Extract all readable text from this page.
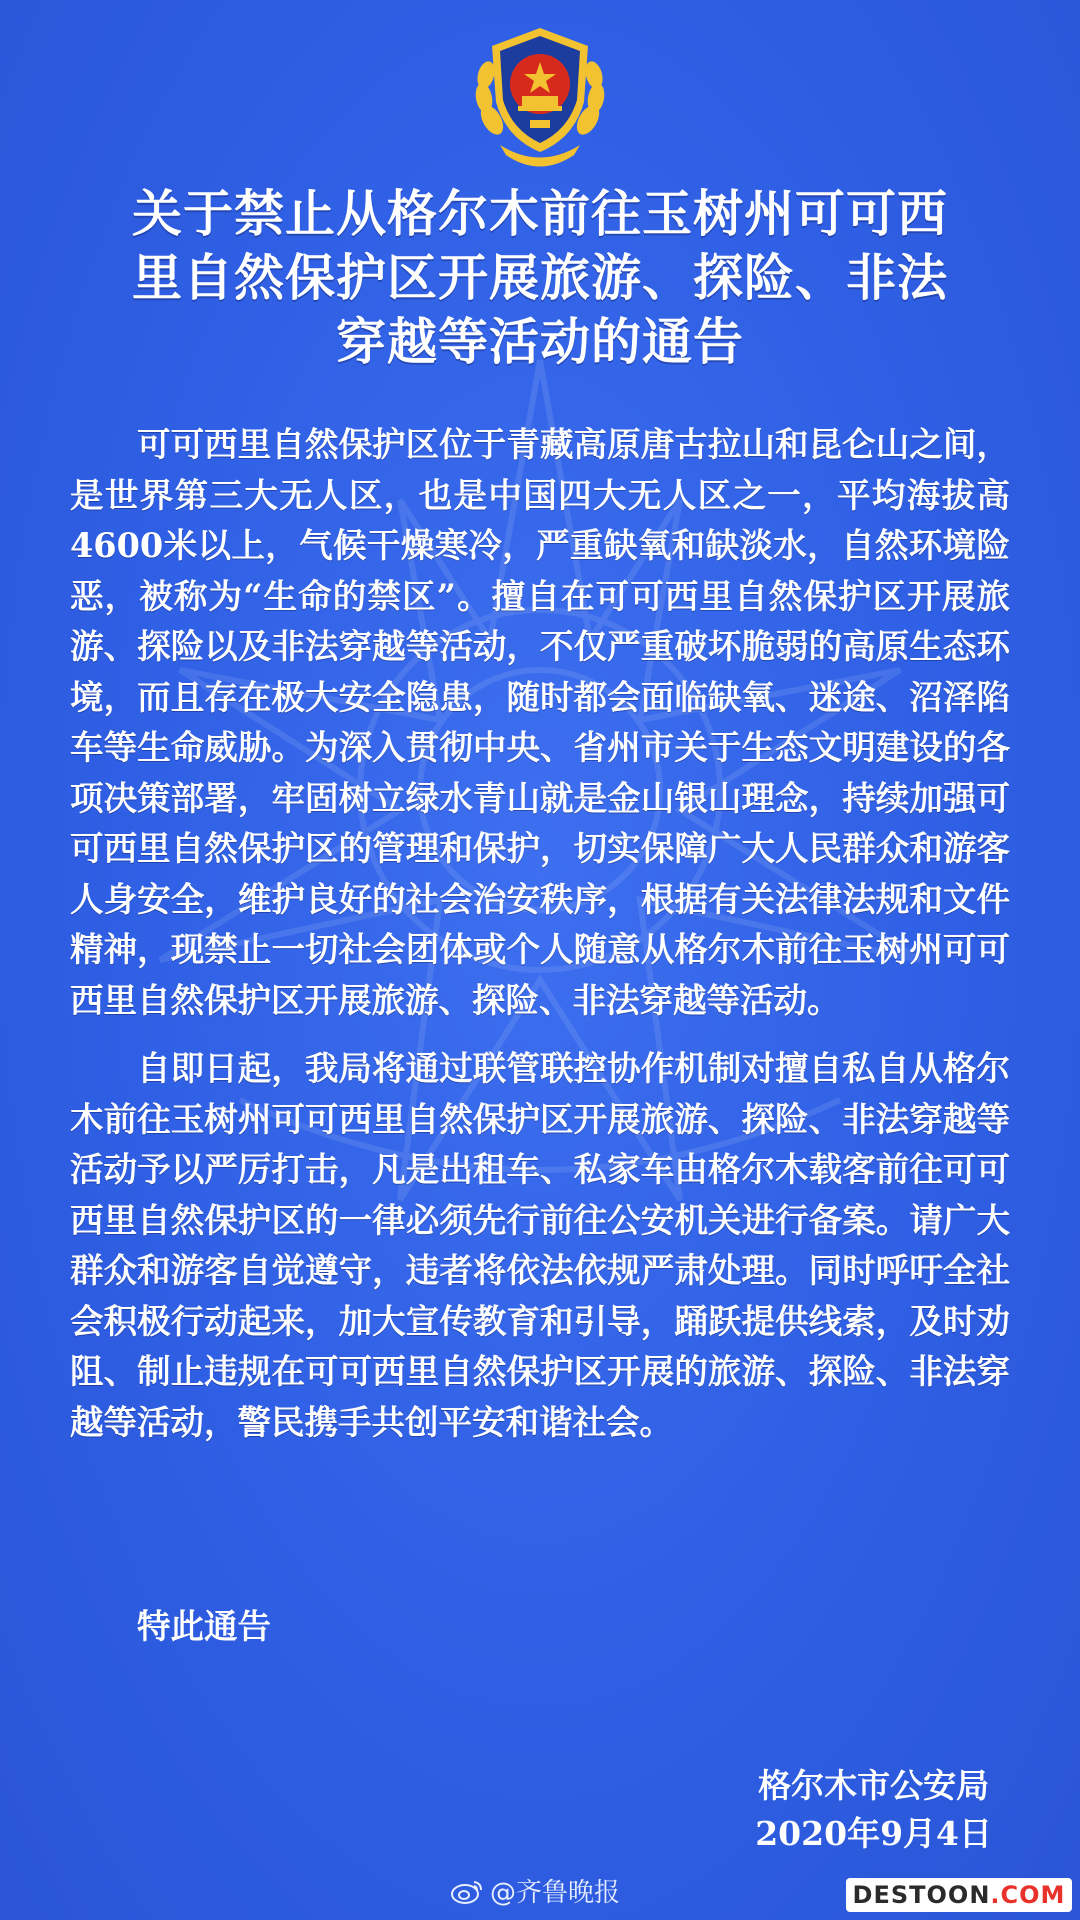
关于禁止从格尔木前往玉树州可可西
里自然保护区开展旅游、探险、非法
穿越等活动的通告

可可西里自然保护区位于青藏高原唐古拉山和昆仑山之间，是世界第三大无人区，也是中国四大无人区之一，平均海拔高4600米以上，气候干燥寒冷，严重缺氧和缺淡水，自然环境险恶，被称为“生命的禁区”。擅自在可可西里自然保护区开展旅游、探险以及非法穿越等活动，不仅严重破坏脆弱的高原生态环境，而且存在极大安全隐患，随时都会面临缺氧、迷途、沼泽陷车等生命威胁。为深入贯彻中央、省州市关于生态文明建设的各项决策部署，牢固树立绿水青山就是金山银山理念，持续加强可可西里自然保护区的管理和保护，切实保障广大人民群众和游客人身安全，维护良好的社会治安秩序，根据有关法律法规和文件精神，现禁止一切社会团体或个人随意从格尔木前往玉树州可可西里自然保护区开展旅游、探险、非法穿越等活动。

自即日起，我局将通过联管联控协作机制对擅自私自从格尔木前往玉树州可可西里自然保护区开展旅游、探险、非法穿越等活动予以严厉打击，凡是出租车、私家车由格尔木载客前往可可西里自然保护区的一律必须先行前往公安机关进行备案。请广大群众和游客自觉遵守，违者将依法依规严肃处理。同时呼吁全社会积极行动起来，加大宣传教育和引导，踊跃提供线索，及时劝阻、制止违规在可可西里自然保护区开展的旅游、探险、非法穿越等活动，警民携手共创平安和谐社会。

特此通告
格尔木市公安局
2020年9月4日
@齐鲁晚报	DESTOON.COM
